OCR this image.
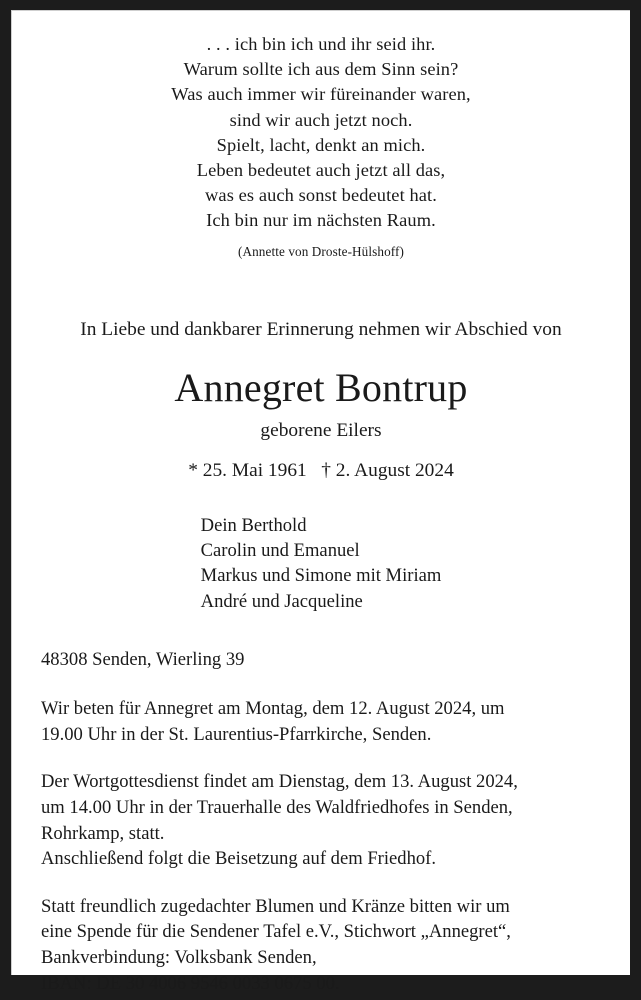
. . . ich bin ich und ihr seid ihr.
Warum sollte ich aus dem Sinn sein?
Was auch immer wir füreinander waren,
sind wir auch jetzt noch.
Spielt, lacht, denkt an mich.
Leben bedeutet auch jetzt all das,
was es auch sonst bedeutet hat.
Ich bin nur im nächsten Raum.
(Annette von Droste-Hülshoff)
In Liebe und dankbarer Erinnerung nehmen wir Abschied von
Annegret Bontrup
geborene Eilers
* 25. Mai 1961   † 2. August 2024
Dein Berthold
Carolin und Emanuel
Markus und Simone mit Miriam
André und Jacqueline
48308 Senden, Wierling 39

Wir beten für Annegret am Montag, dem 12. August 2024, um

19.00 Uhr in der St. Laurentius-Pfarrkirche, Senden.

Der Wortgottesdienst findet am Dienstag, dem 13. August 2024,

um 14.00 Uhr in der Trauerhalle des Waldfriedhofes in Senden,

Rohrkamp, statt.

Anschließend folgt die Beisetzung auf dem Friedhof.

Statt freundlich zugedachter Blumen und Kränze bitten wir um

eine Spende für die Sendener Tafel e.V., Stichwort „Annegret“,

Bankverbindung: Volksbank Senden,

IBAN: DE 30 4006 9546 0033 0675 00.
